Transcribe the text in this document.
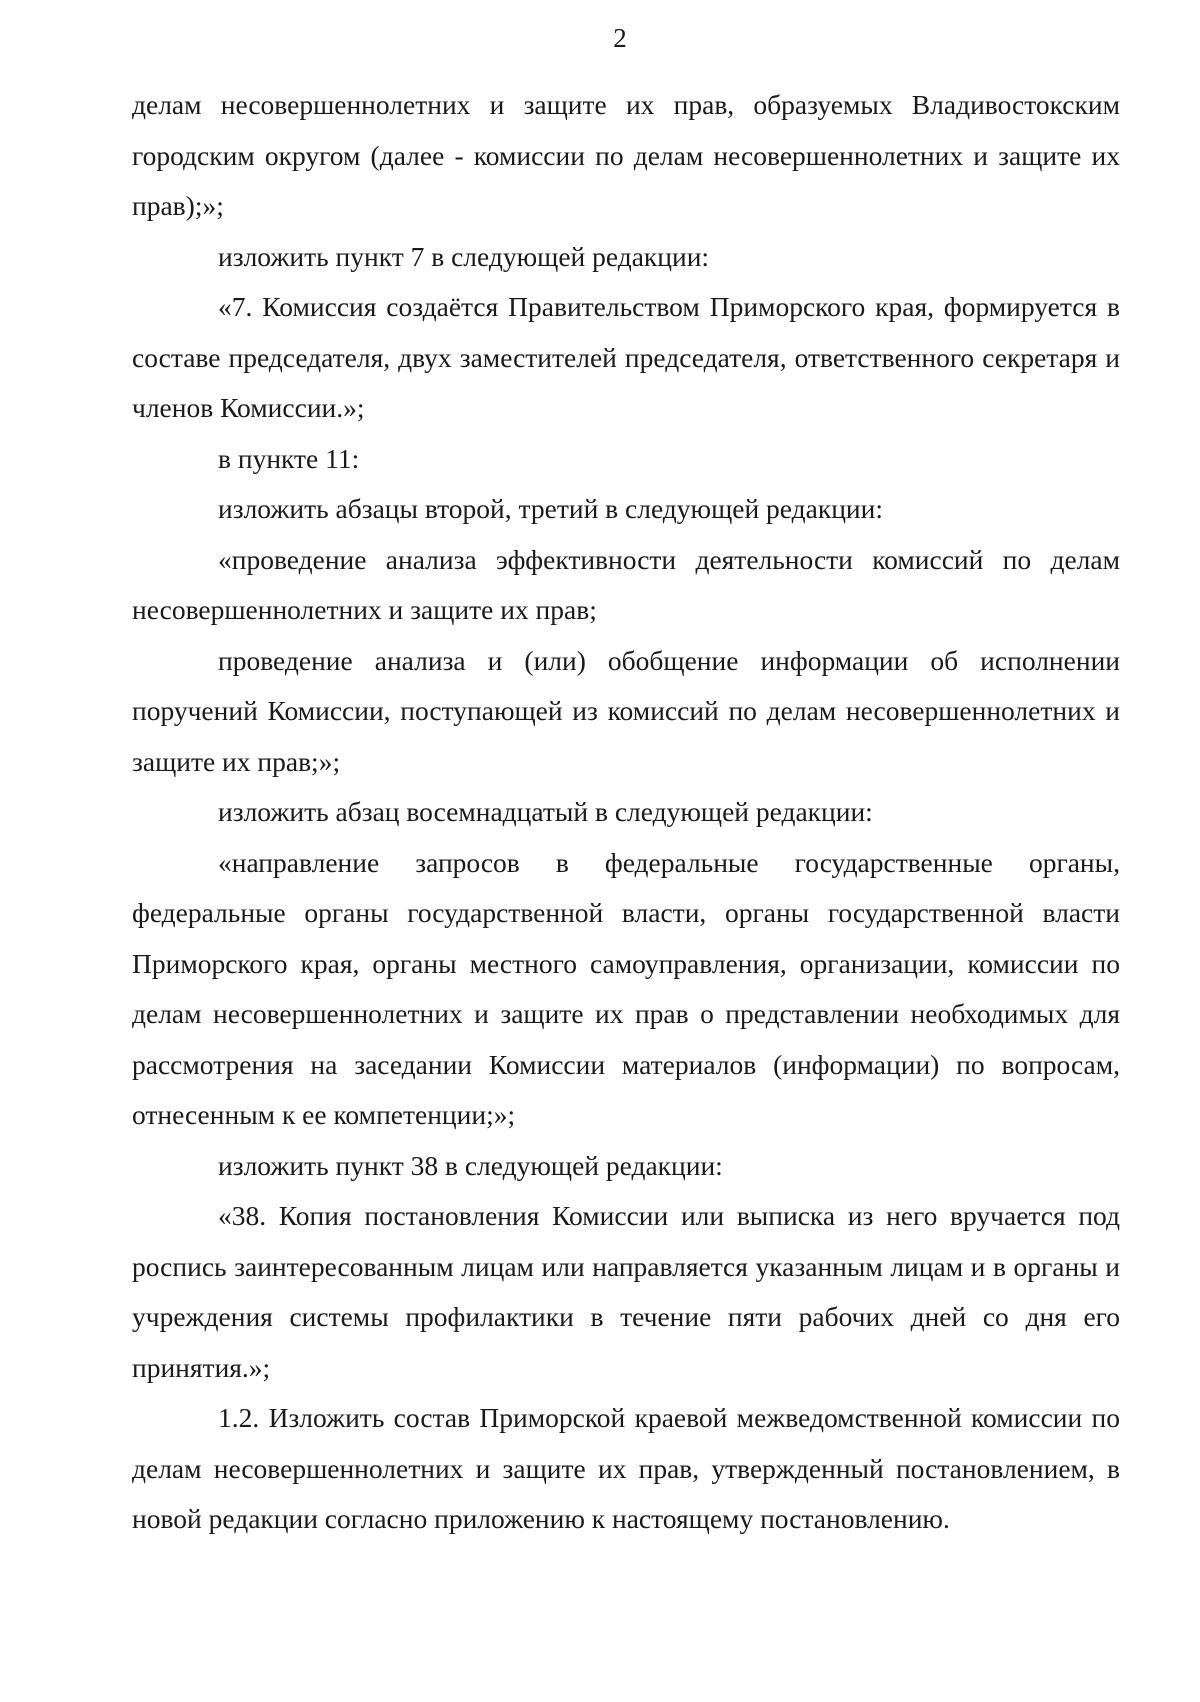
2

делам несовершеннолетних и защите их прав, образуемых Владивостокским городским округом (далее - комиссии по делам несовершеннолетних и защите их прав);»;

изложить пункт 7 в следующей редакции:

«7. Комиссия создаётся Правительством Приморского края, формируется в составе председателя, двух заместителей председателя, ответственного секретаря и членов Комиссии.»;

в пункте 11:

изложить абзацы второй, третий в следующей редакции:

«проведение анализа эффективности деятельности комиссий по делам несовершеннолетних и защите их прав;

проведение анализа и (или) обобщение информации об исполнении поручений Комиссии, поступающей из комиссий по делам несовершеннолетних и защите их прав;»;

изложить абзац восемнадцатый в следующей редакции:

«направление запросов в федеральные государственные органы, федеральные органы государственной власти, органы государственной власти Приморского края, органы местного самоуправления, организации, комиссии по делам несовершеннолетних и защите их прав о представлении необходимых для рассмотрения на заседании Комиссии материалов (информации) по вопросам, отнесенным к ее компетенции;»;

изложить пункт 38 в следующей редакции:

«38. Копия постановления Комиссии или выписка из него вручается под роспись заинтересованным лицам или направляется указанным лицам и в органы и учреждения системы профилактики в течение пяти рабочих дней со дня его принятия.»;

1.2. Изложить состав Приморской краевой межведомственной комиссии по делам несовершеннолетних и защите их прав, утвержденный постановлением, в новой редакции согласно приложению к настоящему постановлению.
